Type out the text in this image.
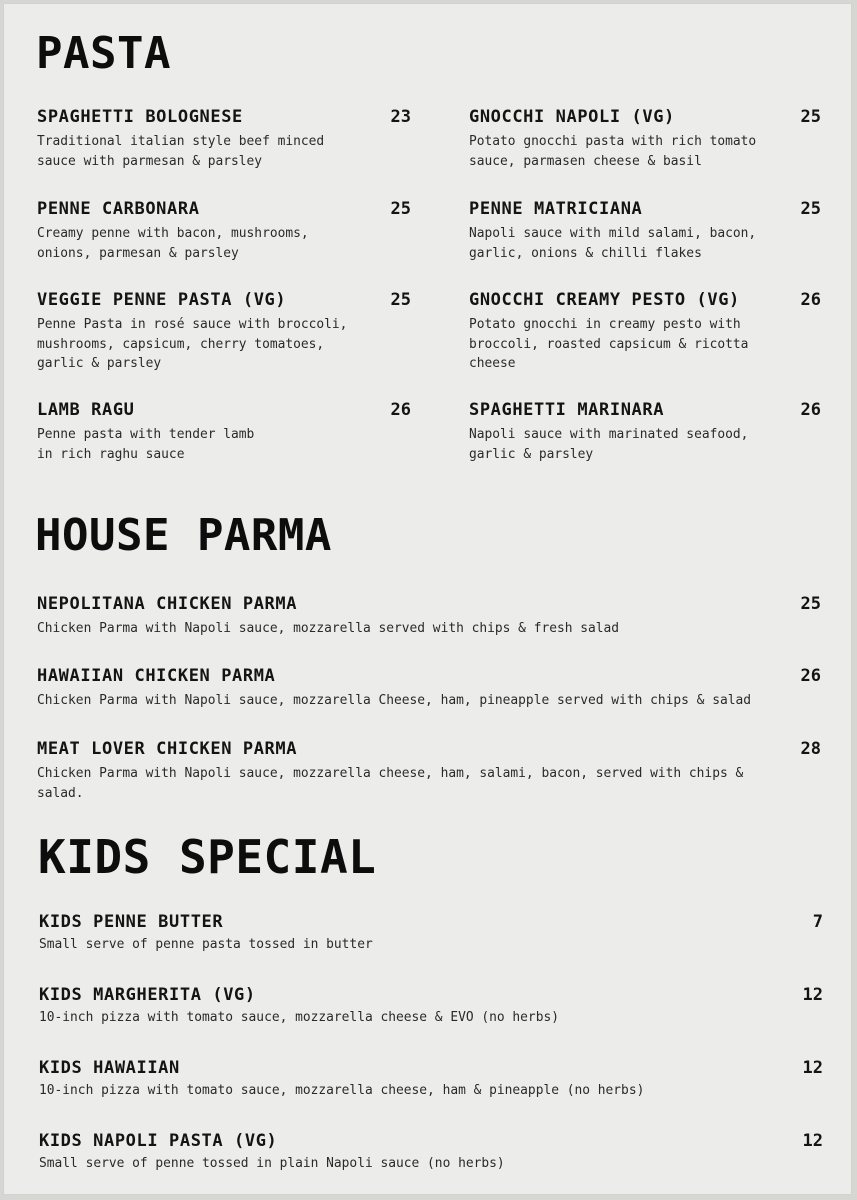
PASTA
SPAGHETTI BOLOGNESE	23
Traditional italian style beef minced
sauce with parmesan & parsley
PENNE CARBONARA	25
Creamy penne with bacon, mushrooms,
onions, parmesan & parsley
VEGGIE PENNE PASTA (VG)	25
Penne Pasta in rosé sauce with broccoli,
mushrooms, capsicum, cherry tomatoes,
garlic & parsley
LAMB RAGU	26
Penne pasta with tender lamb
in rich raghu sauce
GNOCCHI NAPOLI (VG)	25
Potato gnocchi pasta with rich tomato
sauce, parmasen cheese & basil
PENNE MATRICIANA	25
Napoli sauce with mild salami, bacon,
garlic, onions & chilli flakes
GNOCCHI CREAMY PESTO (VG)	26
Potato gnocchi in creamy pesto with
broccoli, roasted capsicum & ricotta
cheese
SPAGHETTI MARINARA	26
Napoli sauce with marinated seafood,
garlic & parsley
HOUSE PARMA
NEPOLITANA CHICKEN PARMA	25
Chicken Parma with Napoli sauce, mozzarella served with chips & fresh salad
HAWAIIAN CHICKEN PARMA	26
Chicken Parma with Napoli sauce, mozzarella Cheese, ham, pineapple served with chips & salad
MEAT LOVER CHICKEN PARMA	28
Chicken Parma with Napoli sauce, mozzarella cheese, ham, salami, bacon, served with chips &
salad.
KIDS SPECIAL
KIDS PENNE BUTTER	7
Small serve of penne pasta tossed in butter
KIDS MARGHERITA (VG)	12
10-inch pizza with tomato sauce, mozzarella cheese & EVO (no herbs)
KIDS HAWAIIAN	12
10-inch pizza with tomato sauce, mozzarella cheese, ham & pineapple (no herbs)
KIDS NAPOLI PASTA (VG)	12
Small serve of penne tossed in plain Napoli sauce (no herbs)
